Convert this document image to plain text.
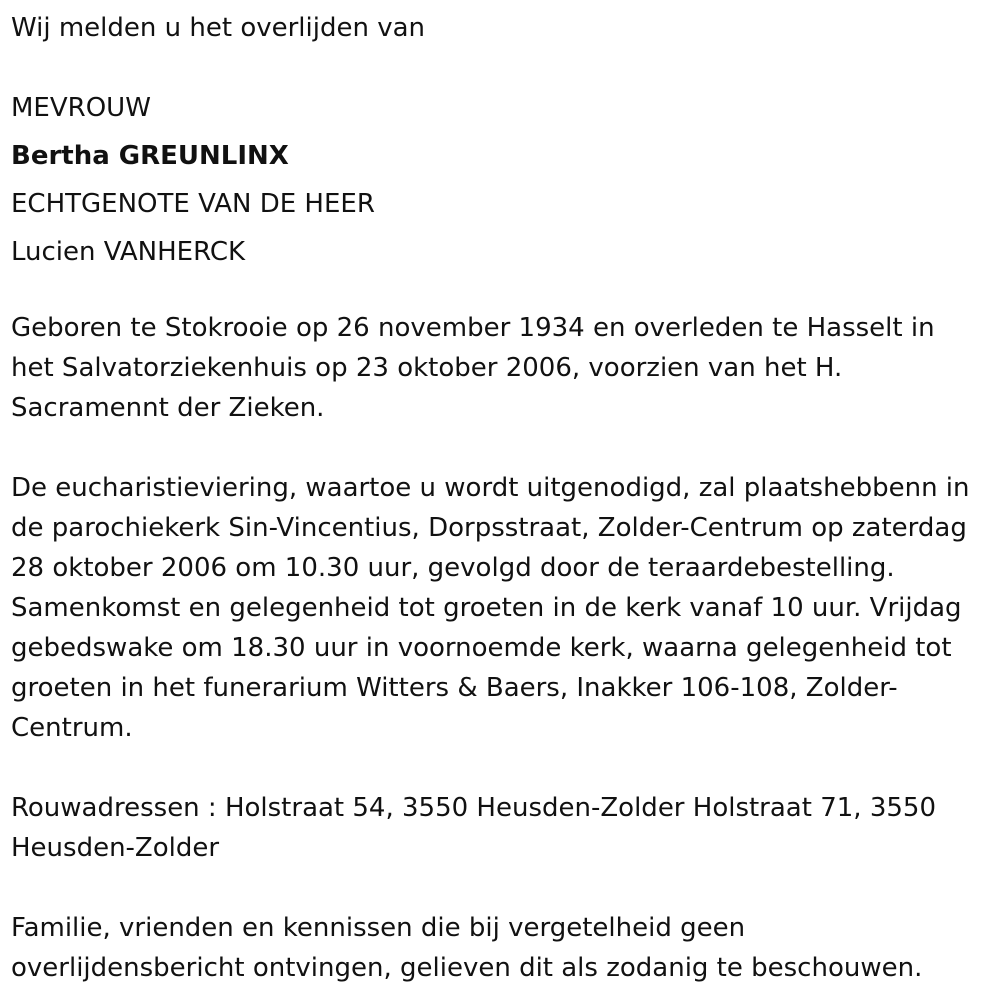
Wij melden u het overlijden van

MEVROUW

Bertha GREUNLINX

ECHTGENOTE VAN DE HEER

Lucien VANHERCK

Geboren te Stokrooie op 26 november 1934 en overleden te Hasselt in het Salvatorziekenhuis op 23 oktober 2006, voorzien van het H. Sacramennt der Zieken.

De eucharistieviering, waartoe u wordt uitgenodigd, zal plaatshebbenn in de parochiekerk Sin-Vincentius, Dorpsstraat, Zolder-Centrum op zaterdag 28 oktober 2006 om 10.30 uur, gevolgd door de teraardebestelling. Samenkomst en gelegenheid tot groeten in de kerk vanaf 10 uur. Vrijdag gebedswake om 18.30 uur in voornoemde kerk, waarna gelegenheid tot groeten in het funerarium Witters & Baers, Inakker 106-108, Zolder-Centrum.

Rouwadressen : Holstraat 54, 3550 Heusden-Zolder Holstraat 71, 3550 Heusden-Zolder

Familie, vrienden en kennissen die bij vergetelheid geen overlijdensbericht ontvingen, gelieven dit als zodanig te beschouwen.
